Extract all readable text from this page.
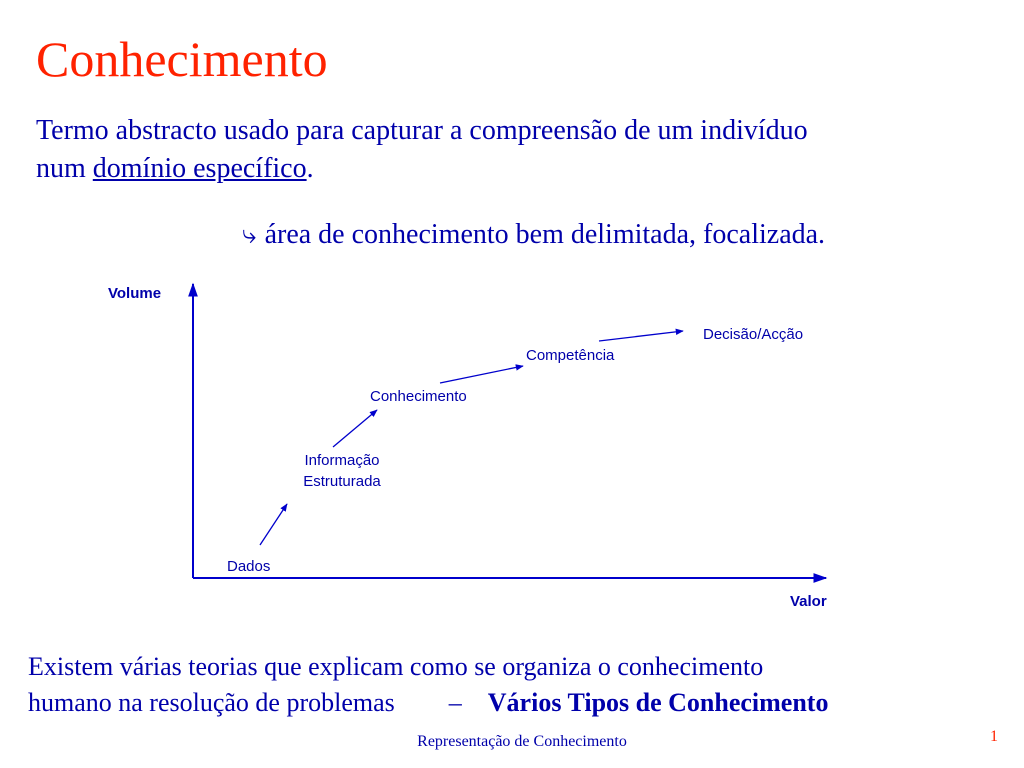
Conhecimento
Termo abstracto usado para capturar a compreensão de um indivíduo
num domínio específico.
⤷ área de conhecimento bem delimitada, focalizada.
Volume
Valor
Dados
Informação
Estruturada
Conhecimento
Competência
Decisão/Acção
Existem várias teorias que explicam como se organiza o conhecimento
humano na resolução de problemas – Vários Tipos de Conhecimento
Representação de Conhecimento	1
